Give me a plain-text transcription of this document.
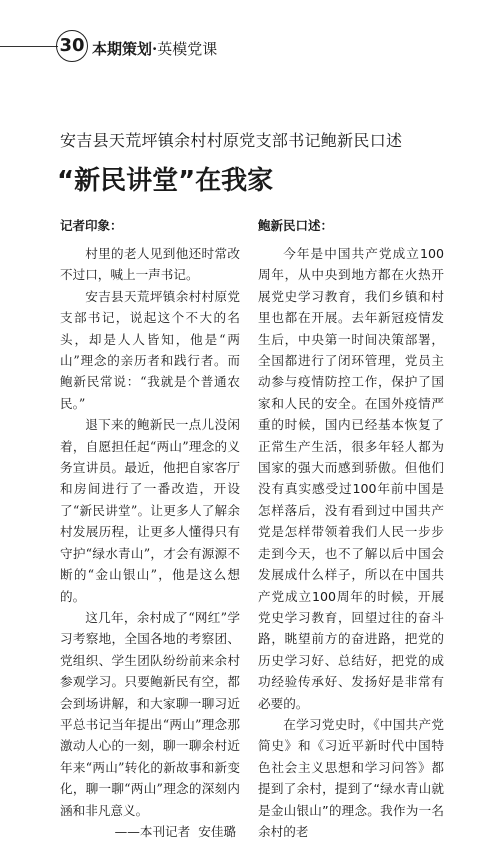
30 本期策划·英模党课
安吉县天荒坪镇余村村原党支部书记鲍新民口述
“新民讲堂”在我家
记者印象：

村里的老人见到他还时常改不过口，喊上一声书记。

安吉县天荒坪镇余村村原党支部书记，说起这个不大的名头，却是人人皆知，他是“两山”理念的亲历者和践行者。而鲍新民常说：“我就是个普通农民。”

退下来的鲍新民一点儿没闲着，自愿担任起“两山”理念的义务宣讲员。最近，他把自家客厅和房间进行了一番改造，开设了“新民讲堂”。让更多人了解余村发展历程，让更多人懂得只有守护“绿水青山”，才会有源源不断的“金山银山”，他是这么想的。

这几年，余村成了“网红”学习考察地，全国各地的考察团、党组织、学生团队纷纷前来余村参观学习。只要鲍新民有空，都会到场讲解，和大家聊一聊习近平总书记当年提出“两山”理念那激动人心的一刻，聊一聊余村近年来“两山”转化的新故事和新变化，聊一聊“两山”理念的深刻内涵和非凡意义。

——本刊记者 安佳璐
鲍新民口述：

今年是中国共产党成立100周年，从中央到地方都在火热开展党史学习教育，我们乡镇和村里也都在开展。去年新冠疫情发生后，中央第一时间决策部署，全国都进行了闭环管理，党员主动参与疫情防控工作，保护了国家和人民的安全。在国外疫情严重的时候，国内已经基本恢复了正常生产生活，很多年轻人都为国家的强大而感到骄傲。但他们没有真实感受过100年前中国是怎样落后，没有看到过中国共产党是怎样带领着我们人民一步步走到今天，也不了解以后中国会发展成什么样子，所以在中国共产党成立100周年的时候，开展党史学习教育，回望过往的奋斗路，眺望前方的奋进路，把党的历史学习好、总结好，把党的成功经验传承好、发扬好是非常有必要的。

在学习党史时，《中国共产党简史》和《习近平新时代中国特色社会主义思想和学习问答》都提到了余村，提到了“绿水青山就是金山银山”的理念。我作为一名余村的老
